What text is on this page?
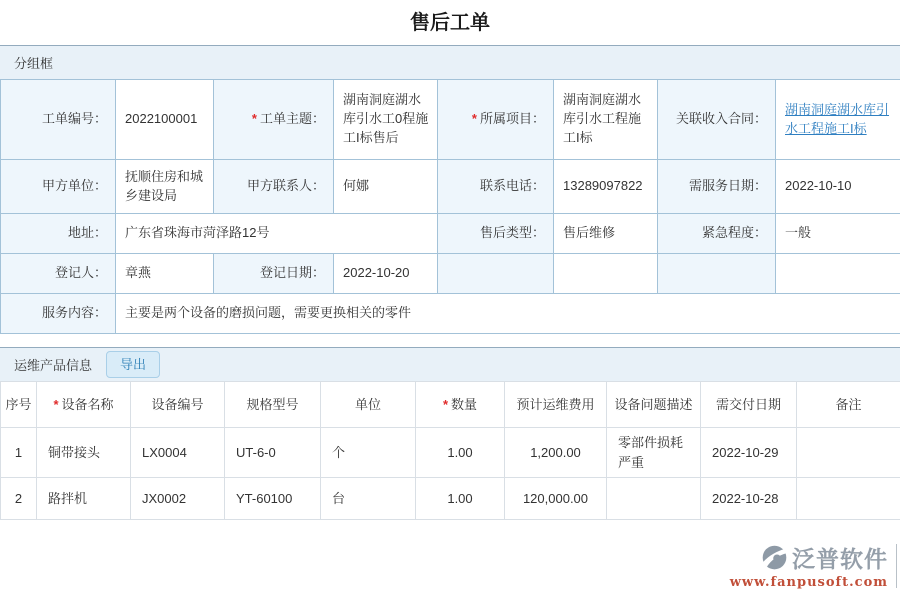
售后工单
分组框
工单编号：	2022100001	* 工单主题：	湖南洞庭湖水库引水工0程施工I标售后	* 所属项目：	湖南洞庭湖水库引水工程施工I标	关联收入合同：	湖南洞庭湖水库引水工程施工I标
甲方单位：	抚顺住房和城乡建设局	甲方联系人：	何娜	联系电话：	13289097822	需服务日期：	2022-10-10
地址：	广东省珠海市菏泽路12号			售后类型：	售后维修	紧急程度：	一般
登记人：	章燕	登记日期：	2022-10-20				
服务内容：	主要是两个设备的磨损问题，需要更换相关的零件						
运维产品信息	导出
序号	* 设备名称	设备编号	规格型号	单位	* 数量	预计运维费用	设备问题描述	需交付日期	备注
1	铜带接头	LX0004	UT-6-0	个	1.00	1,200.00	零部件损耗严重	2022-10-29	
2	路拌机	JX0002	YT-60100	台	1.00	120,000.00		2022-10-28	
泛普软件
www.fanpusoft.com
